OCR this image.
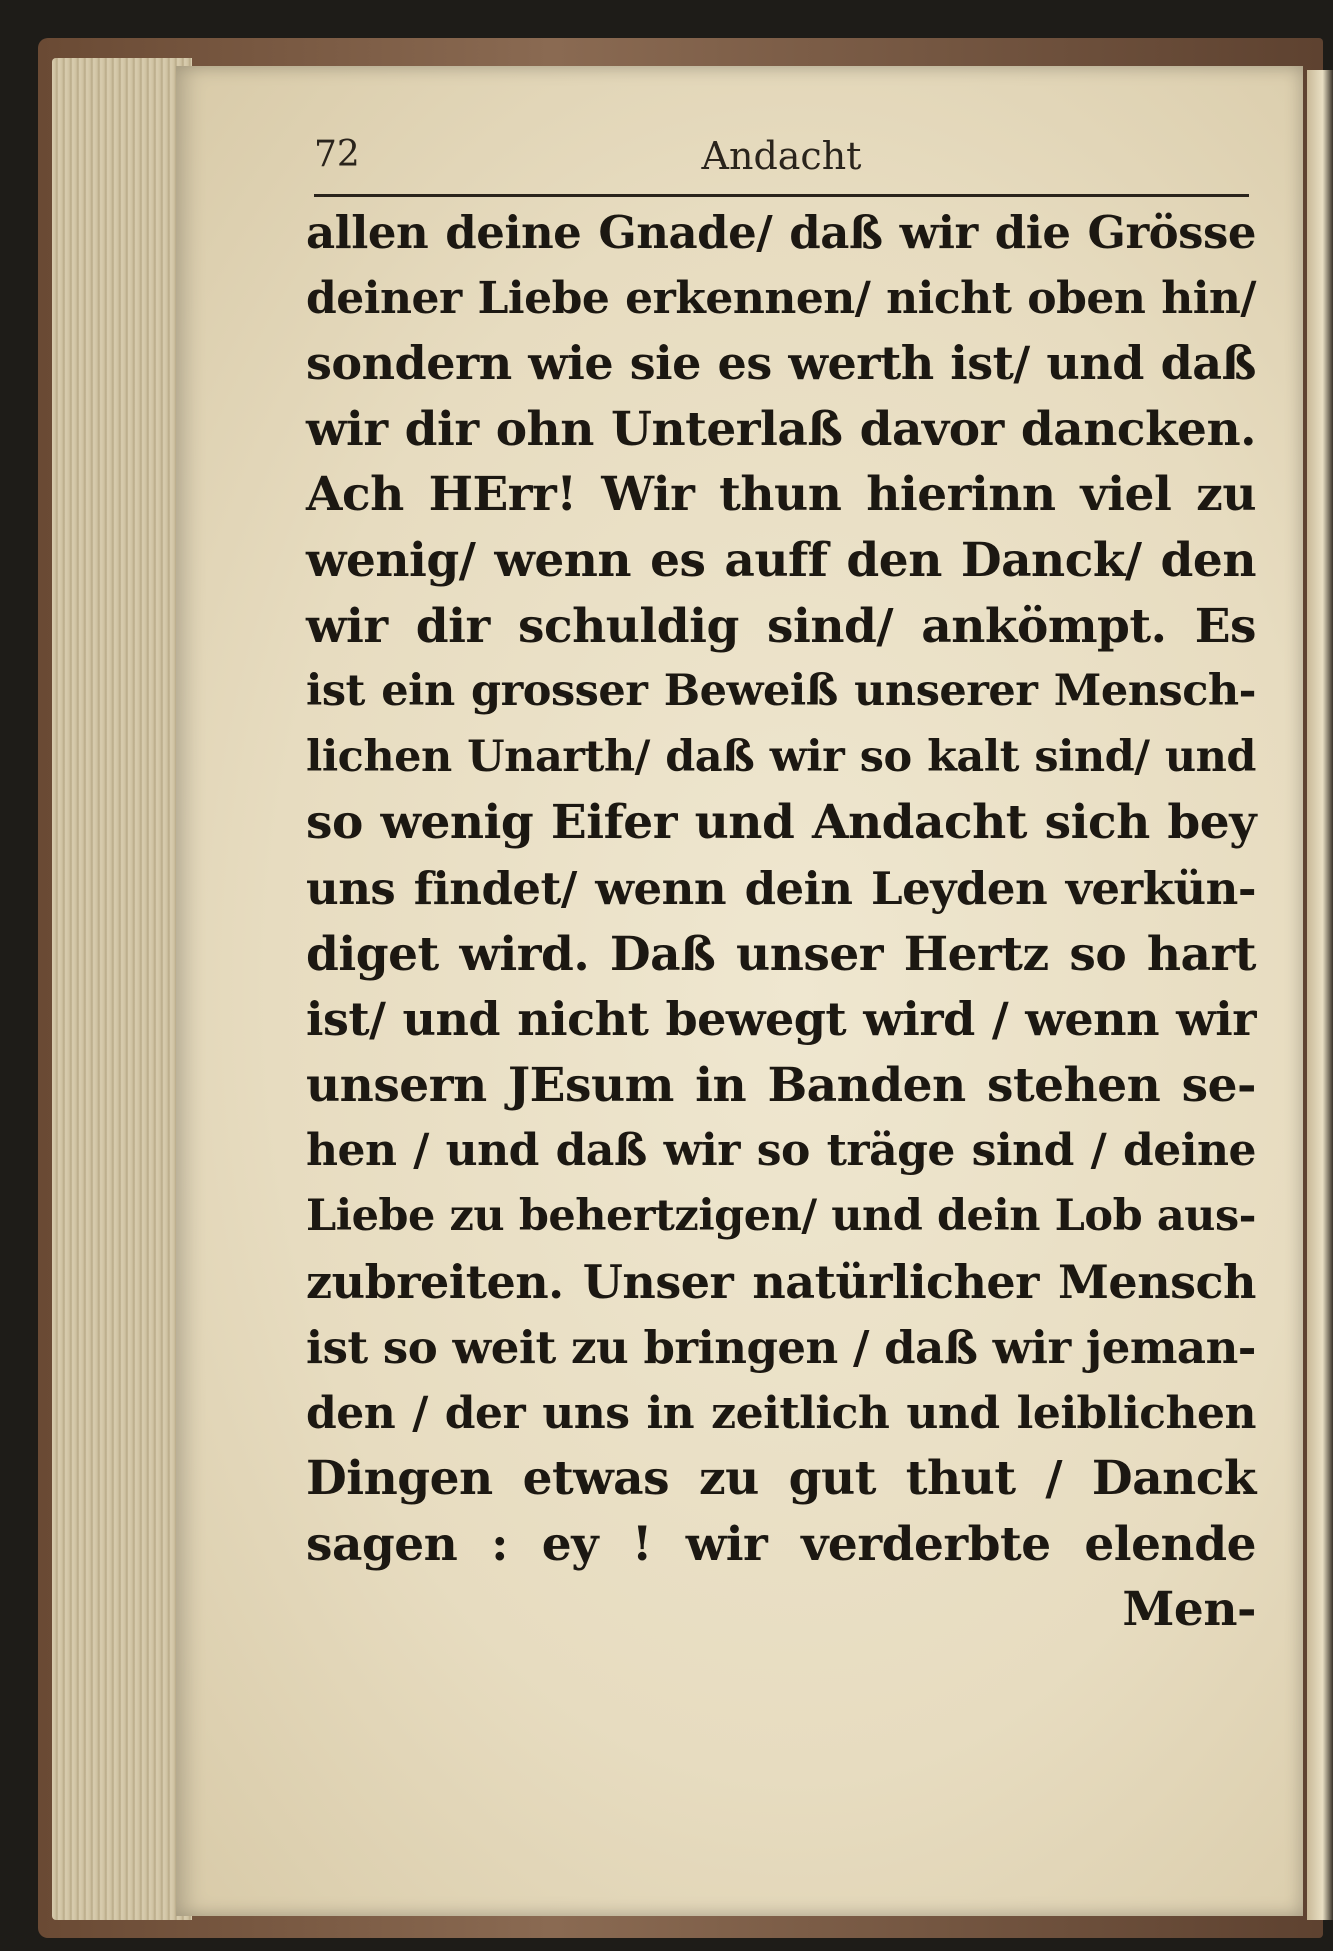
72	Andacht
allen deine Gnade/ daß wir die Grösse
deiner Liebe erkennen/ nicht oben hin/
sondern wie sie es werth ist/ und daß
wir dir ohn Unterlaß davor dancken.
Ach HErr! Wir thun hierinn viel zu
wenig/ wenn es auff den Danck/ den
wir dir schuldig sind/ ankömpt. Es
ist ein grosser Beweiß unserer Mensch-
lichen Unarth/ daß wir so kalt sind/ und
so wenig Eifer und Andacht sich bey
uns findet/ wenn dein Leyden verkün-
diget wird. Daß unser Hertz so hart
ist/ und nicht bewegt wird / wenn wir
unsern JEsum in Banden stehen se-
hen / und daß wir so träge sind / deine
Liebe zu behertzigen/ und dein Lob aus-
zubreiten. Unser natürlicher Mensch
ist so weit zu bringen / daß wir jeman-
den / der uns in zeitlich und leiblichen
Dingen etwas zu gut thut / Danck
sagen : ey ! wir verderbte elende
Men-
